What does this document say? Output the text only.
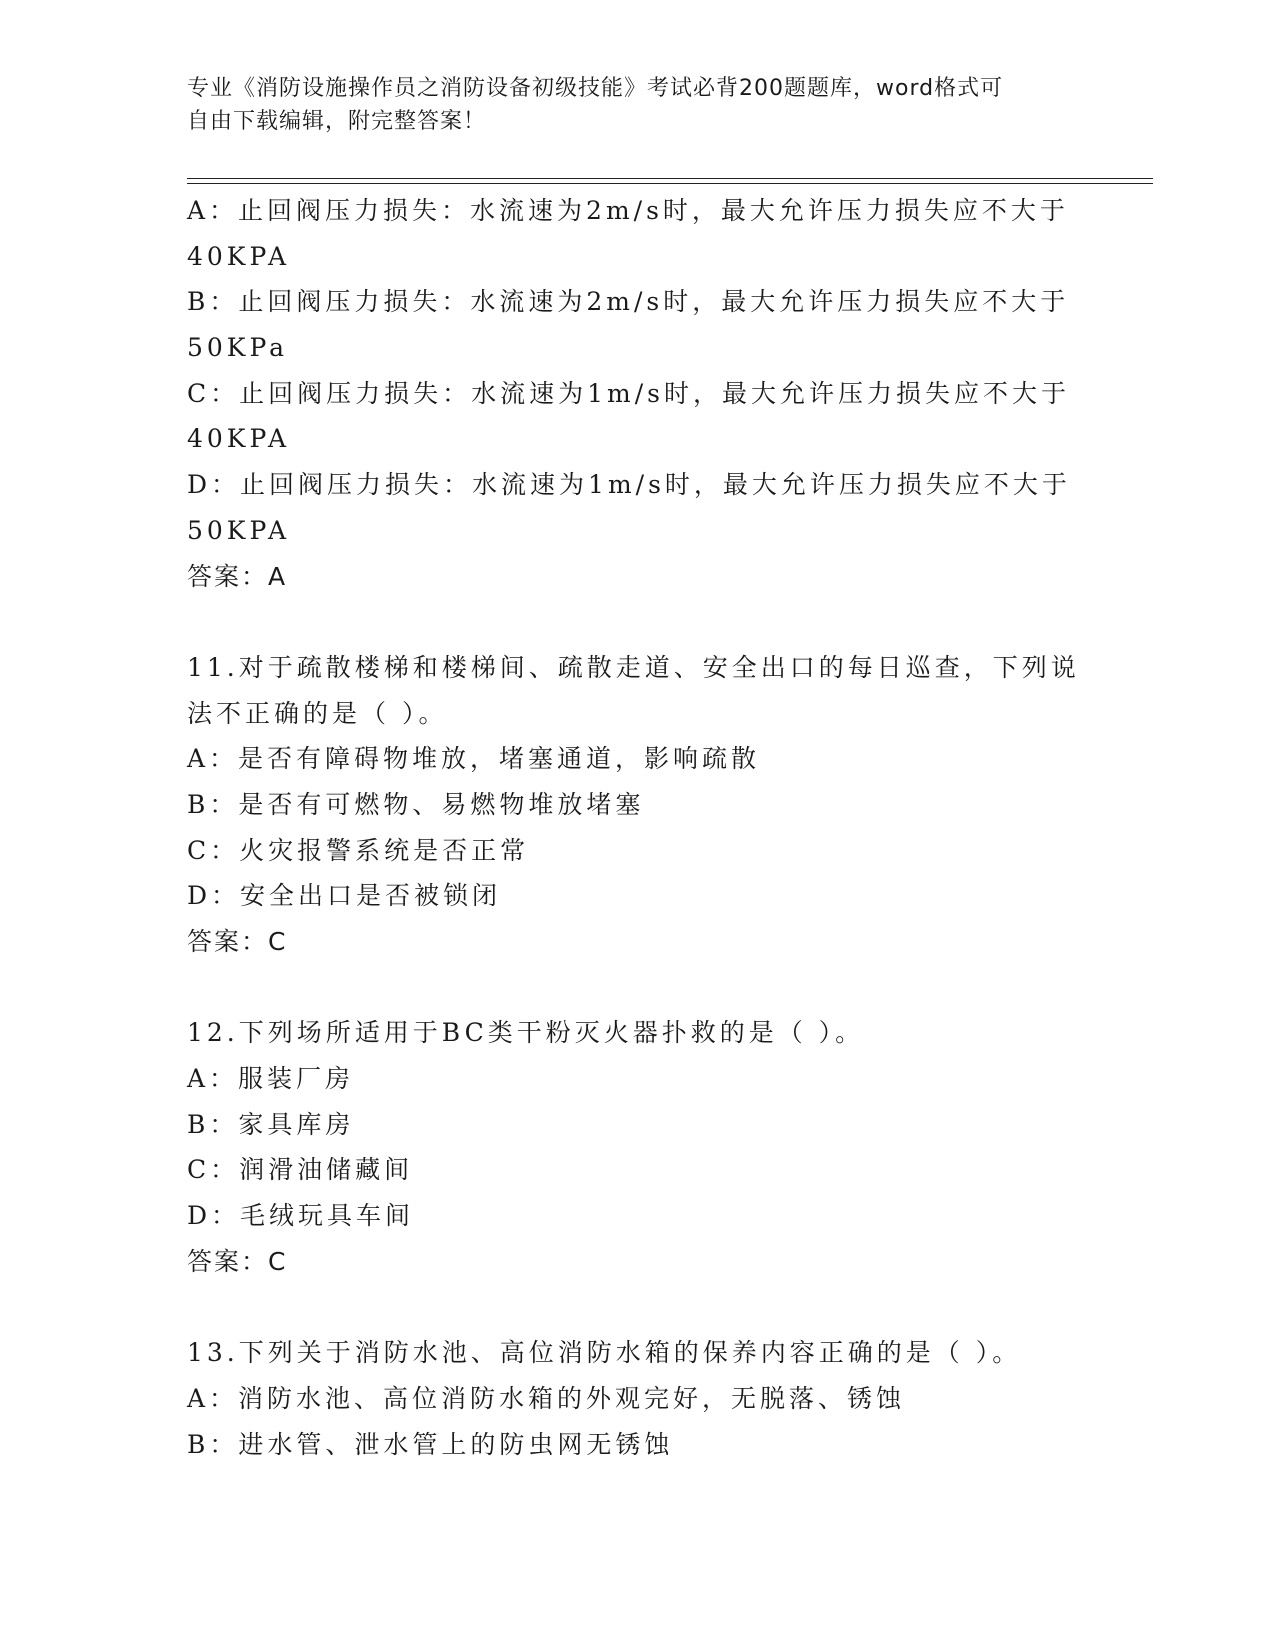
专业《消防设施操作员之消防设备初级技能》考试必背200题题库，word格式可
自由下载编辑，附完整答案！
A：止回阀压力损失：水流速为2m/s时，最大允许压力损失应不大于
40KPA
B：止回阀压力损失：水流速为2m/s时，最大允许压力损失应不大于
50KPa
C：止回阀压力损失：水流速为1m/s时，最大允许压力损失应不大于
40KPA
D：止回阀压力损失：水流速为1m/s时，最大允许压力损失应不大于
50KPA
答案：A
11.对于疏散楼梯和楼梯间、疏散走道、安全出口的每日巡查，下列说
法不正确的是（ ）。
A：是否有障碍物堆放，堵塞通道，影响疏散
B：是否有可燃物、易燃物堆放堵塞
C：火灾报警系统是否正常
D：安全出口是否被锁闭
答案：C
12.下列场所适用于BC类干粉灭火器扑救的是（ ）。
A：服装厂房
B：家具库房
C：润滑油储藏间
D：毛绒玩具车间
答案：C
13.下列关于消防水池、高位消防水箱的保养内容正确的是（ ）。
A：消防水池、高位消防水箱的外观完好，无脱落、锈蚀
B：进水管、泄水管上的防虫网无锈蚀
